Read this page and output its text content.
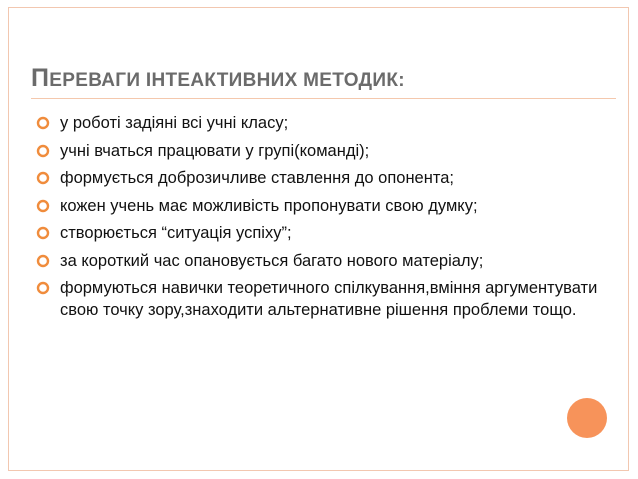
ПЕРЕВАГИ ІНТЕАКТИВНИХ МЕТОДИК:
у роботі задіяні всі учні класу;
учні вчаться працювати у групі(команді);
формується доброзичливе ставлення до опонента;
кожен учень має можливість пропонувати свою думку;
створюється “ситуація успіху”;
за короткий час опановується багато нового матеріалу;
формуються навички теоретичного спілкування,вміння аргументувати свою точку зору,знаходити альтернативне рішення проблеми тощо.
